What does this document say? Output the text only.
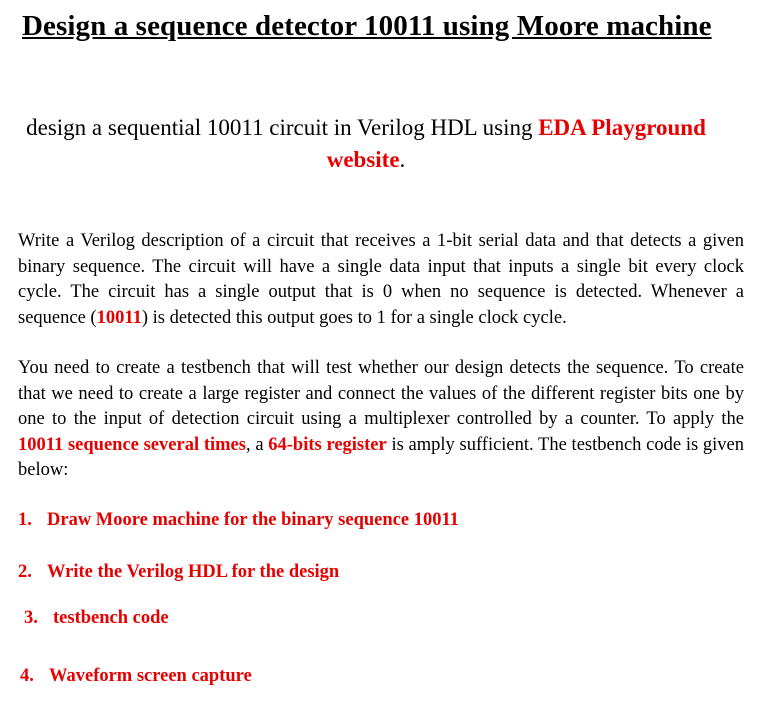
Design a sequence detector 10011 using Moore machine

design a sequential 10011 circuit in Verilog HDL using EDA Playground website.

Write a Verilog description of a circuit that receives a 1-bit serial data and that detects a given binary sequence. The circuit will have a single data input that inputs a single bit every clock cycle. The circuit has a single output that is 0 when no sequence is detected. Whenever a sequence (10011) is detected this output goes to 1 for a single clock cycle.

You need to create a testbench that will test whether our design detects the sequence. To create that we need to create a large register and connect the values of the different register bits one by one to the input of detection circuit using a multiplexer controlled by a counter. To apply the 10011 sequence several times, a 64-bits register is amply sufficient. The testbench code is given below:

1. Draw Moore machine for the binary sequence 10011

2. Write the Verilog HDL for the design

3. testbench code

4. Waveform screen capture
